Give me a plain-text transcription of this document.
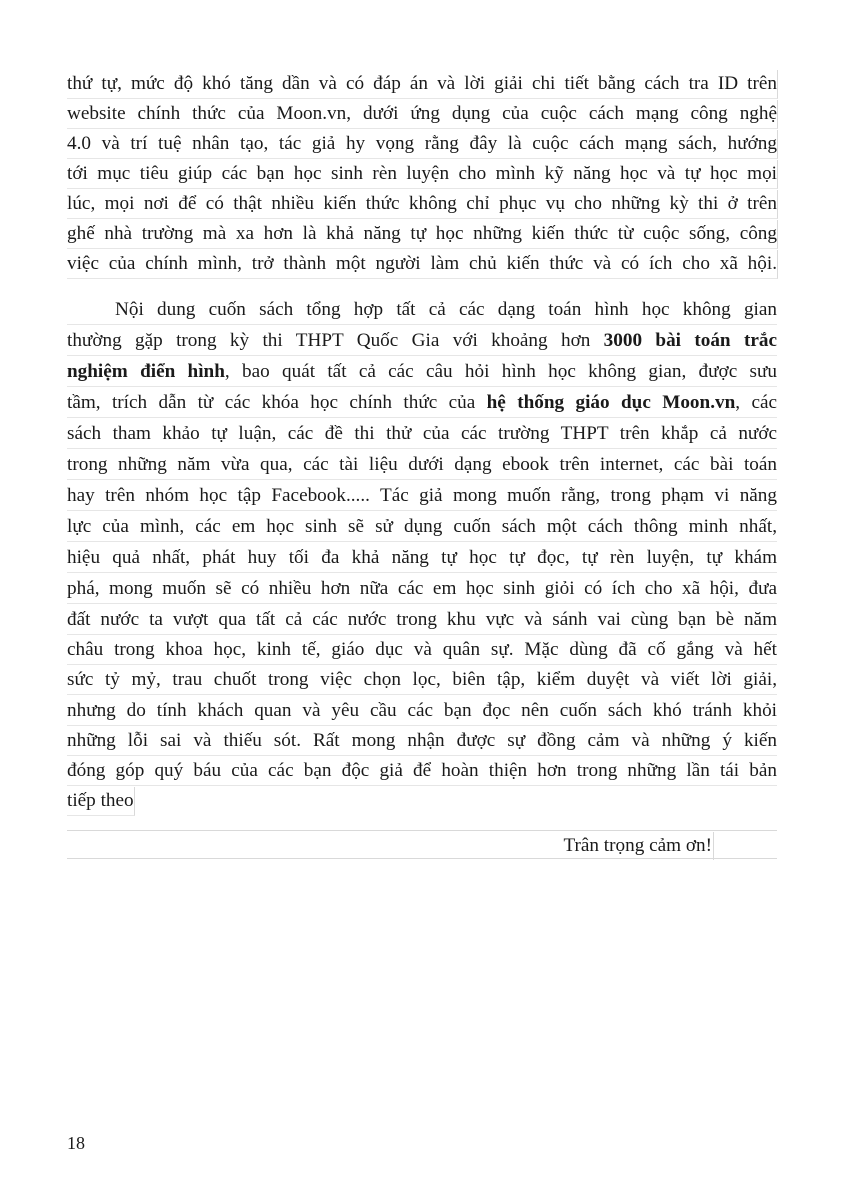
thứ tự, mức độ khó tăng dần và có đáp án và lời giải chi tiết bằng cách tra ID trên
website chính thức của Moon.vn, dưới ứng dụng của cuộc cách mạng công nghệ
4.0 và trí tuệ nhân tạo, tác giả hy vọng rằng đây là cuộc cách mạng sách, hướng
tới mục tiêu giúp các bạn học sinh rèn luyện cho mình kỹ năng học và tự học mọi
lúc, mọi nơi để có thật nhiều kiến thức không chỉ phục vụ cho những kỳ thi ở trên
ghế nhà trường mà xa hơn là khả năng tự học những kiến thức từ cuộc sống, công
việc của chính mình, trở thành một người làm chủ kiến thức và có ích cho xã hội.
Nội dung cuốn sách tổng hợp tất cả các dạng toán hình học không gian
thường gặp trong kỳ thi THPT Quốc Gia với khoảng hơn 3000 bài toán trắc
nghiệm điển hình, bao quát tất cả các câu hỏi hình học không gian, được sưu
tầm, trích dẫn từ các khóa học chính thức của hệ thống giáo dục Moon.vn, các
sách tham khảo tự luận, các đề thi thử của các trường THPT trên khắp cả nước
trong những năm vừa qua, các tài liệu dưới dạng ebook trên internet, các bài toán
hay trên nhóm học tập Facebook..... Tác giả mong muốn rằng, trong phạm vi năng
lực của mình, các em học sinh sẽ sử dụng cuốn sách một cách thông minh nhất,
hiệu quả nhất, phát huy tối đa khả năng tự học tự đọc, tự rèn luyện, tự khám
phá, mong muốn sẽ có nhiều hơn nữa các em học sinh giỏi có ích cho xã hội, đưa
đất nước ta vượt qua tất cả các nước trong khu vực và sánh vai cùng bạn bè năm
châu trong khoa học, kinh tế, giáo dục và quân sự. Mặc dùng đã cố gắng và hết
sức tỷ mỷ, trau chuốt trong việc chọn lọc, biên tập, kiểm duyệt và viết lời giải,
nhưng do tính khách quan và yêu cầu các bạn đọc nên cuốn sách khó tránh khỏi
những lỗi sai và thiếu sót. Rất mong nhận được sự đồng cảm và những ý kiến
đóng góp quý báu của các bạn độc giả để hoàn thiện hơn trong những lần tái bản
tiếp theo
Trân trọng cảm ơn!
18
